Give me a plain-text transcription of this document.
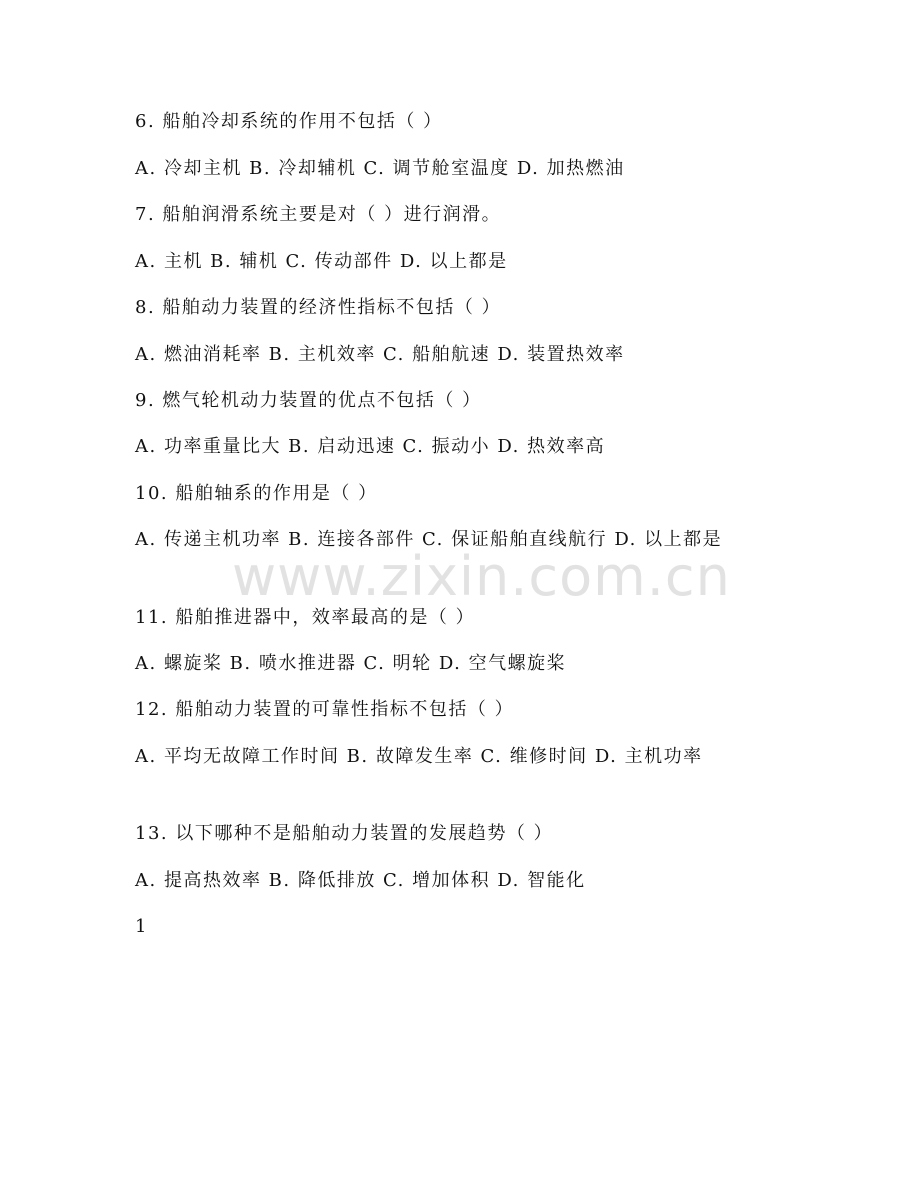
6. 船舶冷却系统的作用不包括（ ）
A. 冷却主机 B. 冷却辅机 C. 调节舱室温度 D. 加热燃油
7. 船舶润滑系统主要是对（ ）进行润滑。
A. 主机 B. 辅机 C. 传动部件 D. 以上都是
8. 船舶动力装置的经济性指标不包括（ ）
A. 燃油消耗率 B. 主机效率 C. 船舶航速 D. 装置热效率
9. 燃气轮机动力装置的优点不包括（ ）
A. 功率重量比大 B. 启动迅速 C. 振动小 D. 热效率高
10. 船舶轴系的作用是（ ）
A. 传递主机功率 B. 连接各部件 C. 保证船舶直线航行 D. 以上都是
11. 船舶推进器中，效率最高的是（ ）
A. 螺旋桨 B. 喷水推进器 C. 明轮 D. 空气螺旋桨
12. 船舶动力装置的可靠性指标不包括（ ）
A. 平均无故障工作时间 B. 故障发生率 C. 维修时间 D. 主机功率
13. 以下哪种不是船舶动力装置的发展趋势（ ）
A. 提高热效率 B. 降低排放 C. 增加体积 D. 智能化
1
www.zixin.com.cn
